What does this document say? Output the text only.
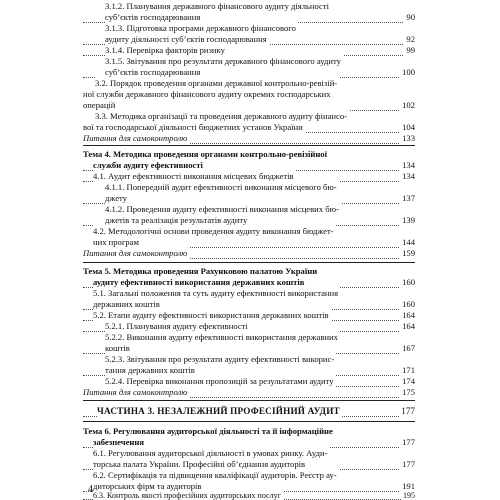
3.1.2. Планування державного фінансового аудиту діяльності
суб’єктів господарювання	90
3.1.3. Підготовка програми державного фінансового
аудиту діяльності суб’єктів господарювання	92
3.1.4. Перевірка факторів ризику	99
3.1.5. Звітування про результати державного фінансового аудиту
суб’єктів господарювання	100
3.2. Порядок проведення органами державної контрольно-ревізій-
ної служби державного фінансового аудиту окремих господарських
операцій	102
3.3. Методика організації та проведення державного аудиту фінансо-
вої та господарської діяльності бюджетних установ України	104
Питання для самоконтролю	133
Тема 4. Методика проведення органами контрольно-ревізійної
служби аудиту ефективності	134
4.1. Аудит ефективності виконання місцевих бюджетів	134
4.1.1. Попередній аудит ефективності виконання місцевого бю-
джету	137
4.1.2. Проведення аудиту ефективності виконання місцевих бю-
джетів та реалізація результатів аудиту	139
4.2. Методологічні основи проведення аудиту виконання бюджет-
них програм	144
Питання для самоконтролю	159
Тема 5. Методика проведення Рахунковою палатою України
аудиту ефективності використання державних коштів	160
5.1. Загальні положення та суть аудиту ефективності використання
державних коштів	160
5.2. Етапи аудиту ефективності використання державних коштів	164
5.2.1. Планування аудиту ефективності	164
5.2.2. Виконання аудиту ефективності використання державних
коштів	167
5.2.3. Звітування про результати аудиту ефективності викорис-
тання державних коштів	171
5.2.4. Перевірка виконання пропозицій за результатами аудиту	174
Питання для самоконтролю	175
ЧАСТИНА 3. НЕЗАЛЕЖНИЙ ПРОФЕСІЙНИЙ АУДИТ	177
Тема 6. Регулювання аудиторської діяльності та її інформаційне
забезпечення	177
6.1. Регулювання аудиторської діяльності в умовах ринку. Ауди-
торська палата України. Професійні об’єднання аудиторів	177
6.2. Сертифікація та підвищення кваліфікації аудиторів. Реєстр ау-
диторських фірм та аудиторів	191
6.3. Контроль якості професійних аудиторських послуг	195
4
